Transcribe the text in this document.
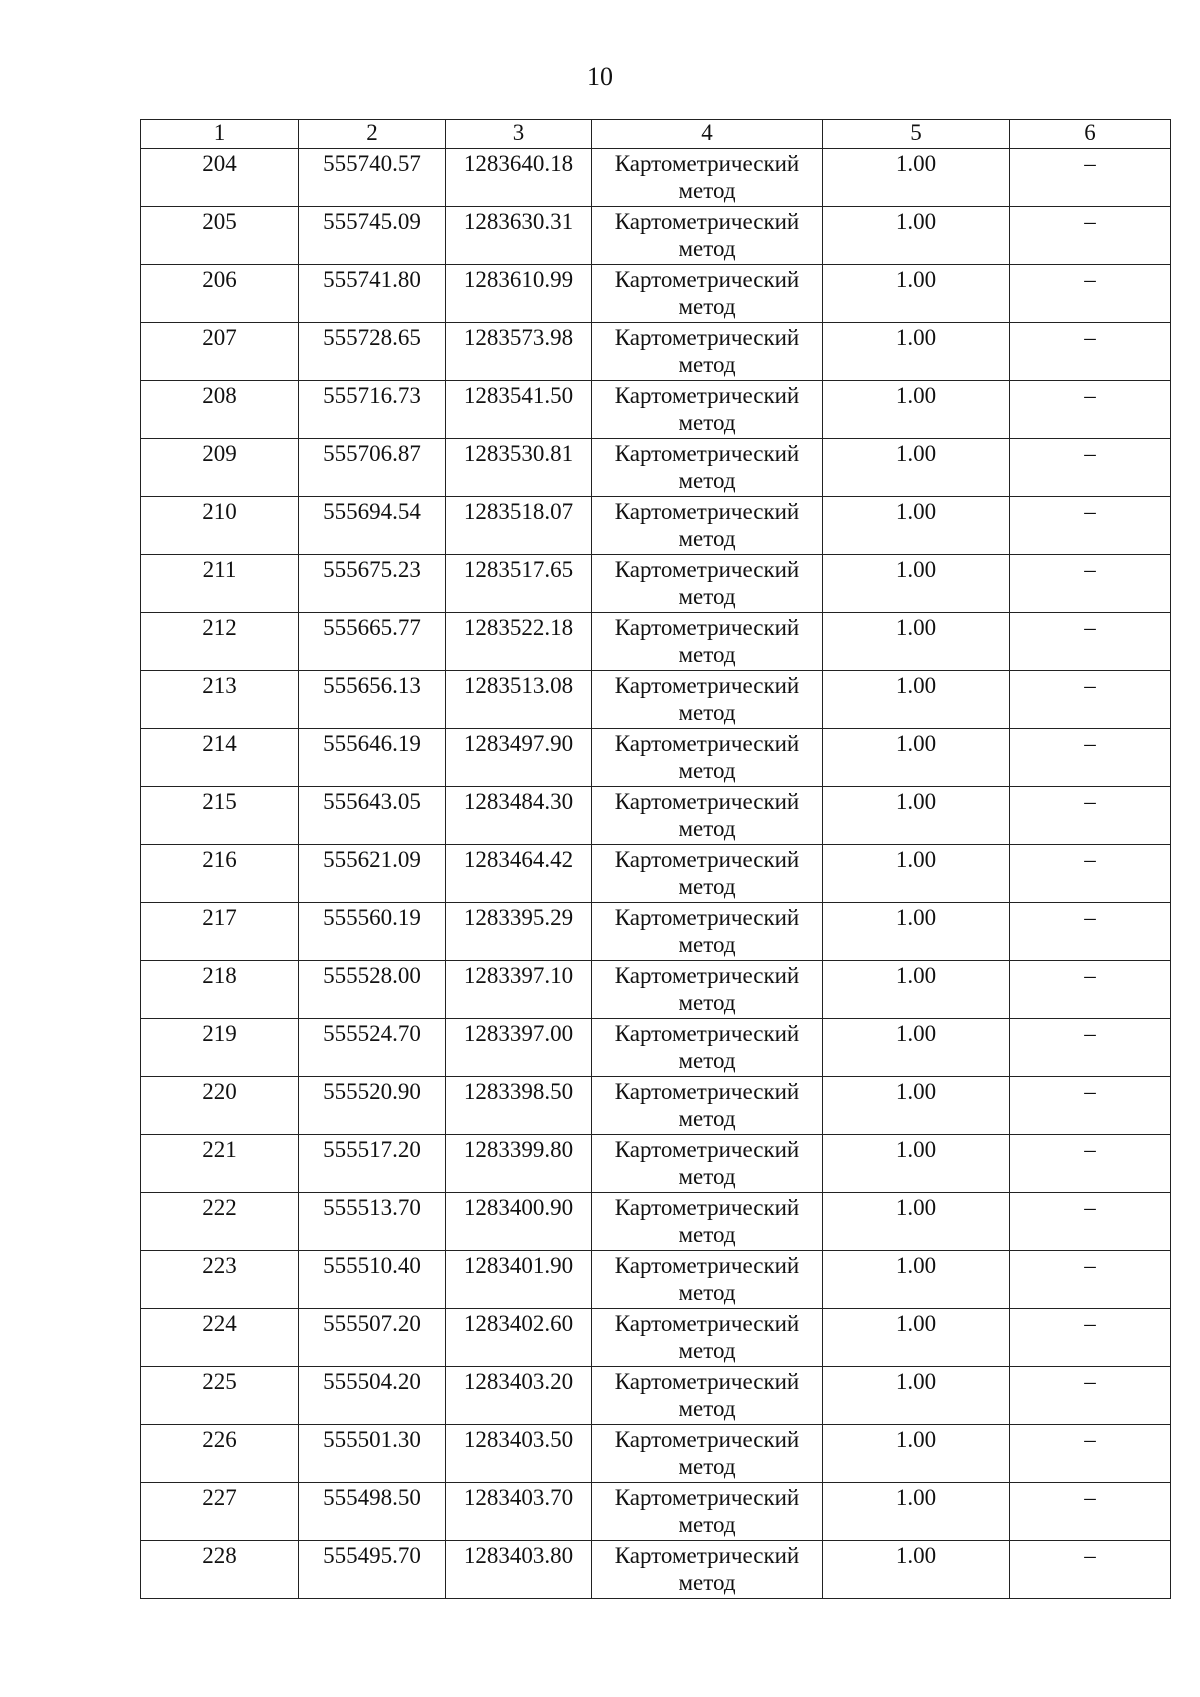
10
1	2	3	4	5	6
204	555740.57	1283640.18	Картометрический метод	1.00	–
205	555745.09	1283630.31	Картометрический метод	1.00	–
206	555741.80	1283610.99	Картометрический метод	1.00	–
207	555728.65	1283573.98	Картометрический метод	1.00	–
208	555716.73	1283541.50	Картометрический метод	1.00	–
209	555706.87	1283530.81	Картометрический метод	1.00	–
210	555694.54	1283518.07	Картометрический метод	1.00	–
211	555675.23	1283517.65	Картометрический метод	1.00	–
212	555665.77	1283522.18	Картометрический метод	1.00	–
213	555656.13	1283513.08	Картометрический метод	1.00	–
214	555646.19	1283497.90	Картометрический метод	1.00	–
215	555643.05	1283484.30	Картометрический метод	1.00	–
216	555621.09	1283464.42	Картометрический метод	1.00	–
217	555560.19	1283395.29	Картометрический метод	1.00	–
218	555528.00	1283397.10	Картометрический метод	1.00	–
219	555524.70	1283397.00	Картометрический метод	1.00	–
220	555520.90	1283398.50	Картометрический метод	1.00	–
221	555517.20	1283399.80	Картометрический метод	1.00	–
222	555513.70	1283400.90	Картометрический метод	1.00	–
223	555510.40	1283401.90	Картометрический метод	1.00	–
224	555507.20	1283402.60	Картометрический метод	1.00	–
225	555504.20	1283403.20	Картометрический метод	1.00	–
226	555501.30	1283403.50	Картометрический метод	1.00	–
227	555498.50	1283403.70	Картометрический метод	1.00	–
228	555495.70	1283403.80	Картометрический метод	1.00	–
